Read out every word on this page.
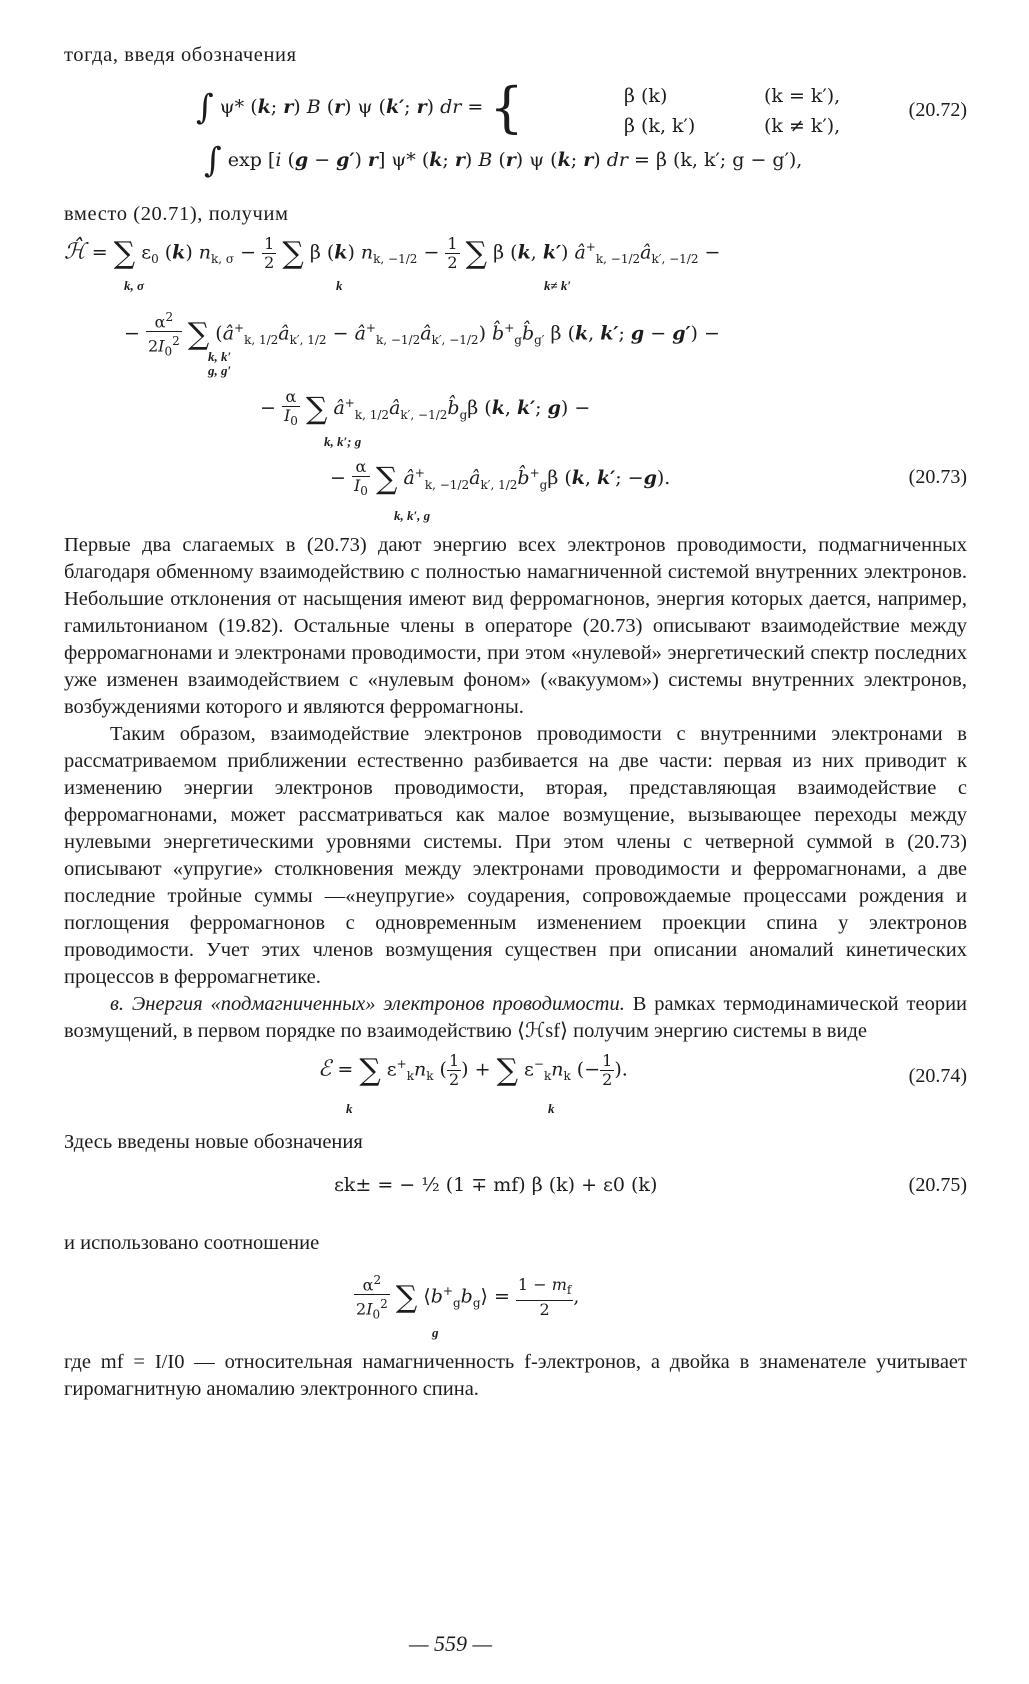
тогда, введя обозначения

∫ ψ* (k; r) B (r) ψ (k′; r) dr = {	β (k)	(k = k′),
β (k, k′)	(k ≠ k′),
(20.72)
∫ exp [i (g − g′) r] ψ* (k; r) B (r) ψ (k; r) dr = β (k, k′; g − g′),

вместо (20.71), получим

ℋ̂ = ∑ $\varepsilon_0$ (k) $n_{k, \sigma} - \frac{1}{2}$ ∑ β (k) $n_{k, -1/2} - \frac{1}{2}$ ∑ β (k, k′) $â^+_{k, -1/2}â_{k', -1/2}$ −
k, σ	k	k≠ k′
− $\frac{\alpha^2}{2I_0^2}$ ∑ ($â^+_{k, 1/2}â_{k', 1/2}$ − $â^+_{k, -1/2}â_{k', -1/2}$) $b̂^+_gb̂_{g'}$ β (k, k′; g − g′) −
k, k′
g, g′
− $\frac{\alpha}{I_0}$ ∑ $â^+_{k, 1/2}â_{k', -1/2}b̂_g\beta$ (k, k′; g) −
k, k′; g
− $\frac{\alpha}{I_0}$ ∑ $â^+_{k, -1/2}â_{k', 1/2}b̂^+_g\beta$ (k, k′; −g).
k, k′, g
(20.73)

Первые два слагаемых в (20.73) дают энергию всех электронов проводимости, подмагниченных благодаря обменному взаимодействию с полностью намагниченной системой внутренних электронов. Небольшие отклонения от насыщения имеют вид ферромагнонов, энергия которых дается, например, гамильтонианом (19.82). Остальные члены в операторе (20.73) описывают взаимодействие между ферромагнонами и электронами проводимости, при этом «нулевой» энергетический спектр последних уже изменен взаимодействием с «нулевым фоном» («вакуумом») системы внутренних электронов, возбуждениями которого и являются ферромагноны.

Таким образом, взаимодействие электронов проводимости с внутренними электронами в рассматриваемом приближении естественно разбивается на две части: первая из них приводит к изменению энергии электронов проводимости, вторая, представляющая взаимодействие с ферромагнонами, может рассматриваться как малое возмущение, вызывающее переходы между нулевыми энергетическими уровнями системы. При этом члены с четверной суммой в (20.73) описывают «упругие» столкновения между электронами проводимости и ферромагнонами, а две последние тройные суммы —«неупругие» соударения, сопровождаемые процессами рождения и поглощения ферромагнонов с одновременным изменением проекции спина у электронов проводимости. Учет этих членов возмущения существен при описании аномалий кинетических процессов в ферромагнетике.

в. Энергия «подмагниченных» электронов проводимости. В рамках термодинамической теории возмущений, в первом порядке по взаимодействию ⟨ℋsf⟩ получим энергию системы в виде

ℰ = ∑ $\varepsilon^+_kn_k$ ( $\frac{1}{2}$ ) + ∑ $\varepsilon^-_kn_k$ (− $\frac{1}{2}$ ).
k	k
(20.74)

Здесь введены новые обозначения

εk± = − ½ (1 ∓ mf) β (k) + ε0 (k)	(20.75)

и использовано соотношение

$\frac{\alpha^2}{2I_0^2}$ ∑ $⟨b^+_gb_g⟩ = \frac{1 - m_f}{2}$ ,
g

где mf = I/I0 — относительная намагниченность f-электронов, а двойка в знаменателе учитывает гиромагнитную аномалию электронного спина.

— 559 —
